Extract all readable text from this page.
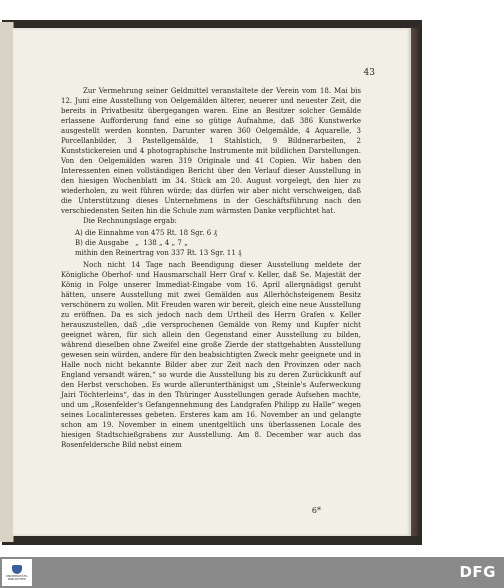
43

Zur Vermehrung seiner Geldmittel veranstaltete der Verein vom 18. Mai bis 12. Juni eine Ausstellung von Oelgemälden älterer, neuerer und neuester Zeit, die bereits in Privatbesitz übergegangen waren. Eine an Besitzer solcher Gemälde erlassene Aufforderung fand eine so gütige Aufnahme, daß 386 Kunstwerke ausgestellt werden konnten. Darunter waren 360 Oelgemälde, 4 Aquarelle, 3 Porcellanbilder, 3 Pastellgemälde, 1 Stahlstich, 9 Bildnerarbeiten, 2 Kunststickereien und 4 photographische Instrumente mit bildlichen Darstellungen. Von den Oelgemälden waren 319 Originale und 41 Copien. Wir haben den Interessenten einen vollständigen Bericht über den Verlauf dieser Ausstellung in den hiesigen Wochenblatt im 34. Stück am 20. August vorgelegt, den hier zu wiederholen, zu weit führen würde; das dürfen wir aber nicht verschweigen, daß die Unterstützung dieses Unternehmens in der Geschäftsführung nach den verschiedensten Seiten hin die Schule zum wärmsten Danke verpflichtet hat.

Die Rechnungslage ergab:

A) die Einnahme von 475
Rt.
18
Sgr.
6
₰
B) die Ausgabe   „  138
„
4
„
7
„
mithin den Reinertrag von 337
Rt.
13
Sgr.
11
₰

Noch nicht 14 Tage nach Beendigung dieser Ausstellung meldete der Königliche Oberhof- und Hausmarschall Herr Graf v. Keller, daß Se. Majestät der König in Folge unserer Immediat-Eingabe vom 16. April allergnädigst geruht hätten, unsere Ausstellung mit zwei Gemälden aus Allerhöchsteigenem Besitz verschönern zu wollen. Mit Freuden waren wir bereit, gleich eine neue Ausstellung zu eröffnen. Da es sich jedoch nach dem Urtheil des Herrn Grafen v. Keller herauszustellen, daß „die versprochenen Gemälde von Remy und Kupfer nicht geeignet wären, für sich allein den Gegenstand einer Ausstellung zu bilden, während dieselben ohne Zweifel eine große Zierde der stattgehabten Ausstellung gewesen sein würden, andere für den beabsichtigten Zweck mehr geeignete und in Halle noch nicht bekannte Bilder aber zur Zeit nach den Provinzen oder nach England versandt wären,“ so wurde die Ausstellung bis zu deren Zurückkunft auf den Herbst verschoben. Es wurde allerunterthänigst um „Steinle's Auferweckung Jairi Töchterleins“, das in den Thüringer Ausstellungen gerade Aufsehen machte, und um „Rosenfelder's Gefangennehmung des Landgrafen Philipp zu Halle“ wegen seines Localinteresses gebeten. Ersteres kam am 16. November an und gelangte schon am 19. November in einem unentgeltlich uns überlassenen Locale des hiesigen Stadtschießgrabens zur Ausstellung. Am 8. December war auch das Rosenfeldersche Bild nebst einem

6*
UNIVERSITÄTS-BIBLIOTHEK	DFG
